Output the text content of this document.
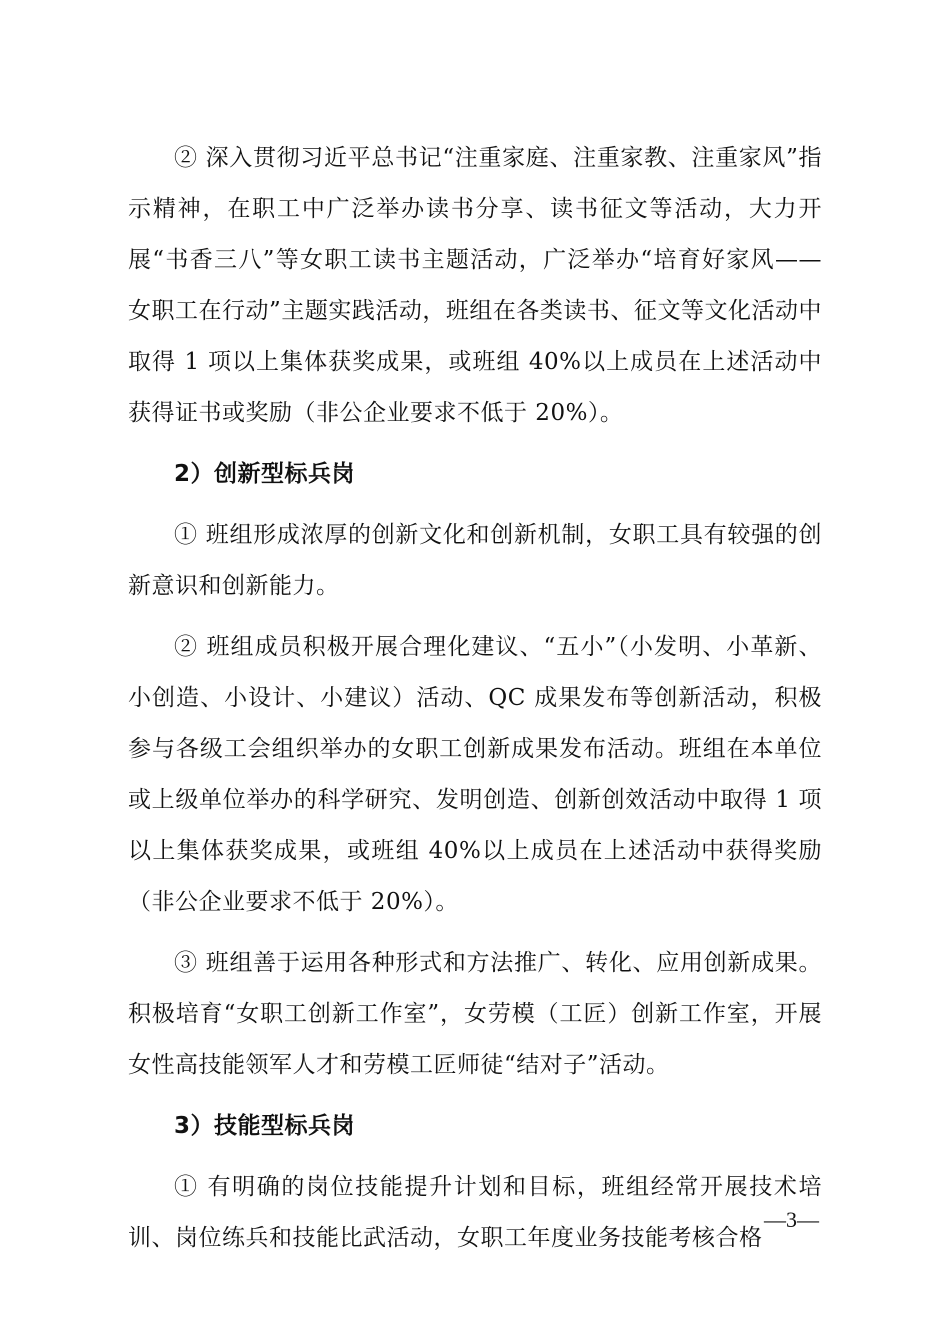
② 深入贯彻习近平总书记“注重家庭、注重家教、注重家风”指示精神，在职工中广泛举办读书分享、读书征文等活动，大力开展“书香三八”等女职工读书主题活动，广泛举办“培育好家风——女职工在行动”主题实践活动，班组在各类读书、征文等文化活动中取得 1 项以上集体获奖成果，或班组 40%以上成员在上述活动中获得证书或奖励（非公企业要求不低于 20%）。

2）创新型标兵岗

① 班组形成浓厚的创新文化和创新机制，女职工具有较强的创新意识和创新能力。

② 班组成员积极开展合理化建议、“五小”（小发明、小革新、小创造、小设计、小建议）活动、QC 成果发布等创新活动，积极参与各级工会组织举办的女职工创新成果发布活动。班组在本单位或上级单位举办的科学研究、发明创造、创新创效活动中取得 1 项以上集体获奖成果，或班组 40%以上成员在上述活动中获得奖励（非公企业要求不低于 20%）。

③ 班组善于运用各种形式和方法推广、转化、应用创新成果。积极培育“女职工创新工作室”，女劳模（工匠）创新工作室，开展女性高技能领军人才和劳模工匠师徒“结对子”活动。

3）技能型标兵岗

① 有明确的岗位技能提升计划和目标，班组经常开展技术培训、岗位练兵和技能比武活动，女职工年度业务技能考核合格

—3—
